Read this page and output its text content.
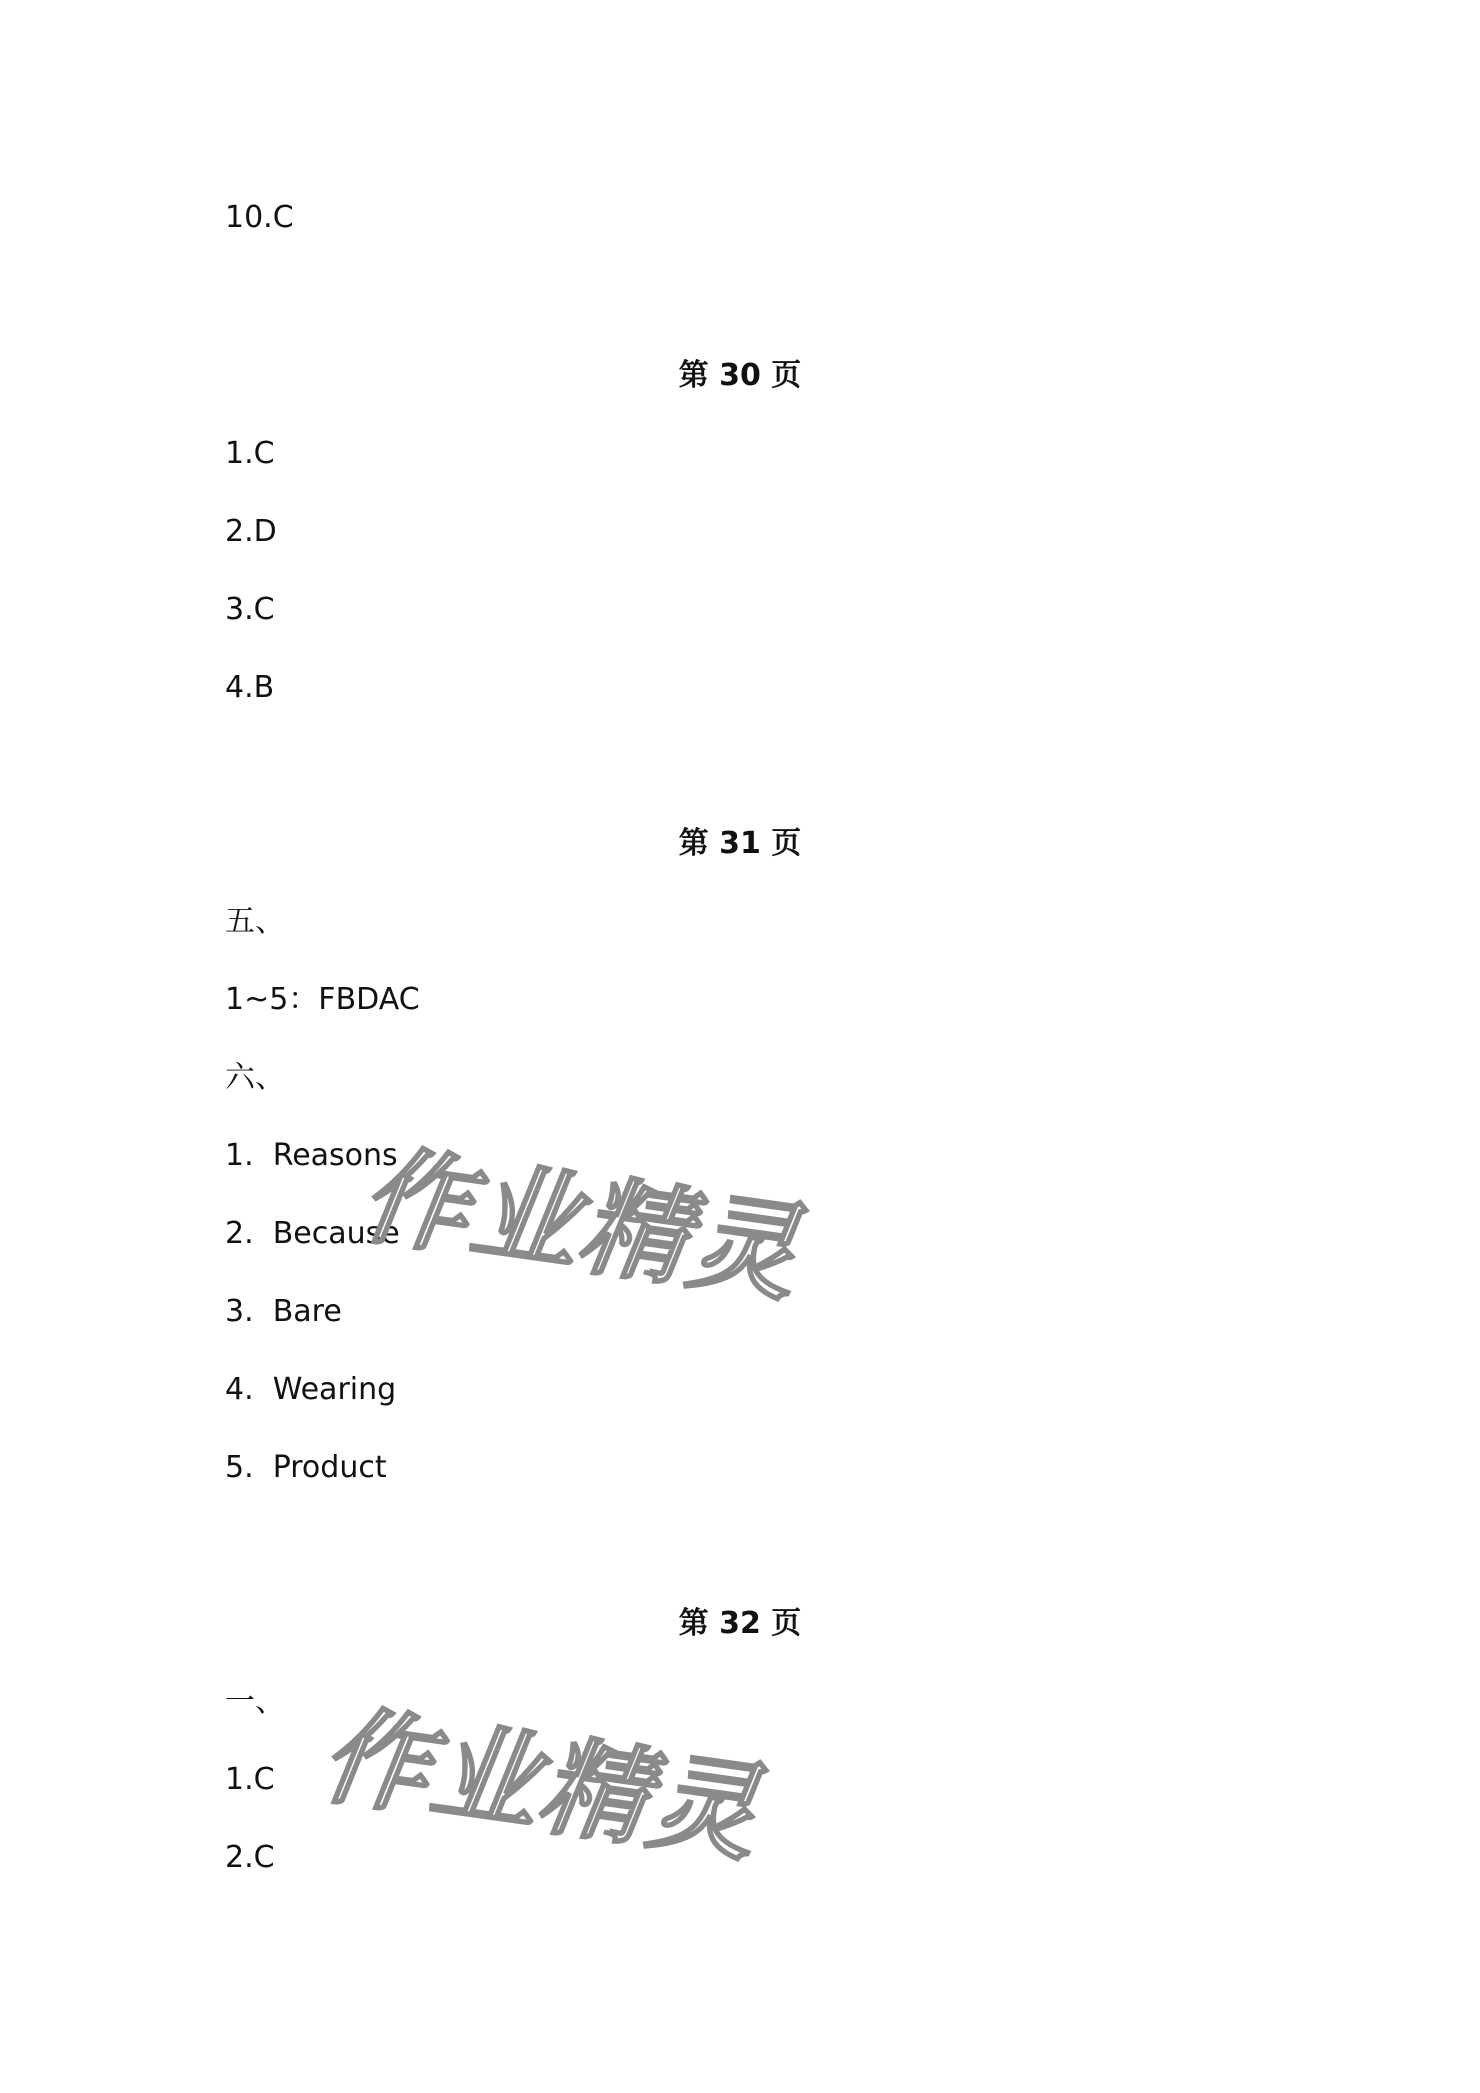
10.C
第 30 页
1.C
2.D
3.C
4.B
第 31 页
五、
1~5：FBDAC
六、
1.  Reasons
2.  Because
3.  Bare
4.  Wearing
5.  Product
第 32 页
一、
1.C
2.C
作业精灵
作业精灵
